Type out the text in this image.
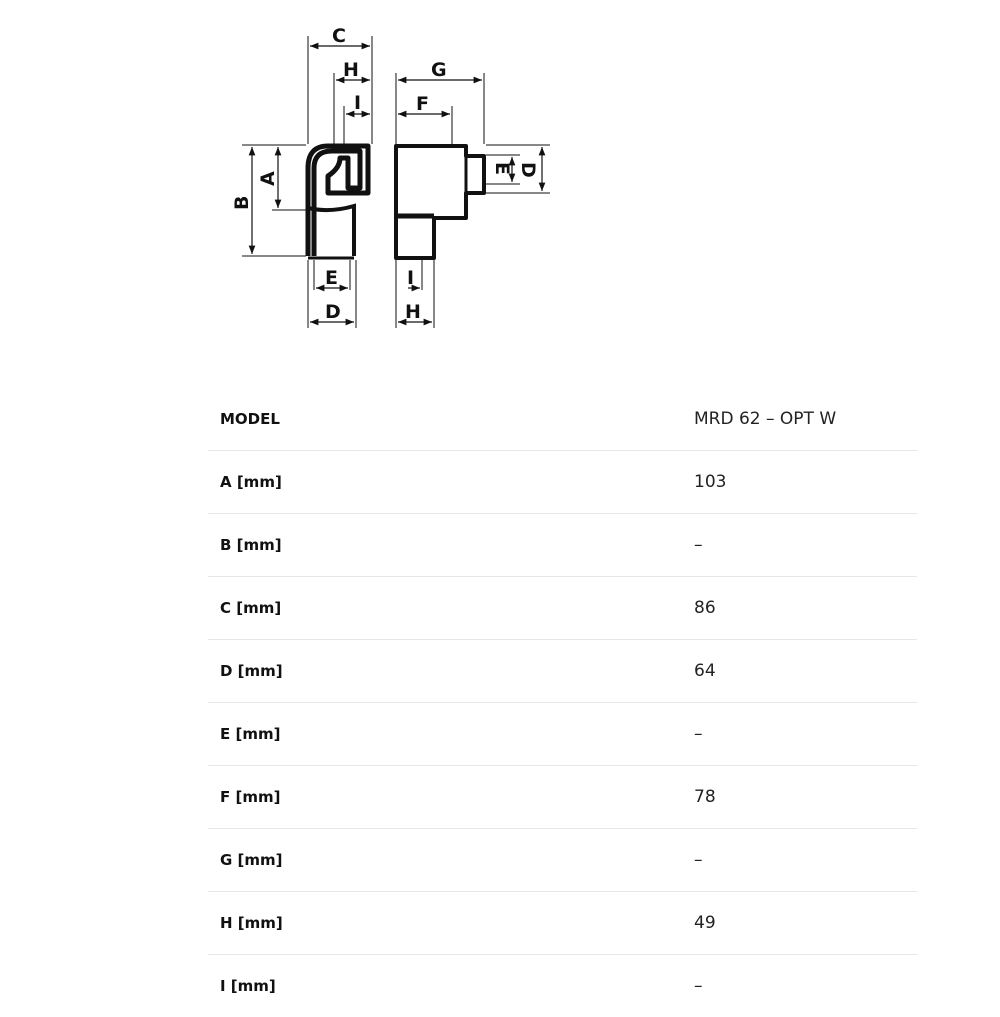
C
H
I
G
F
B
A
E D
E
D
I
H
MODEL	MRD 62 – OPT W
A [mm]	103
B [mm]	–
C [mm]	86
D [mm]	64
E [mm]	–
F [mm]	78
G [mm]	–
H [mm]	49
I [mm]	–
